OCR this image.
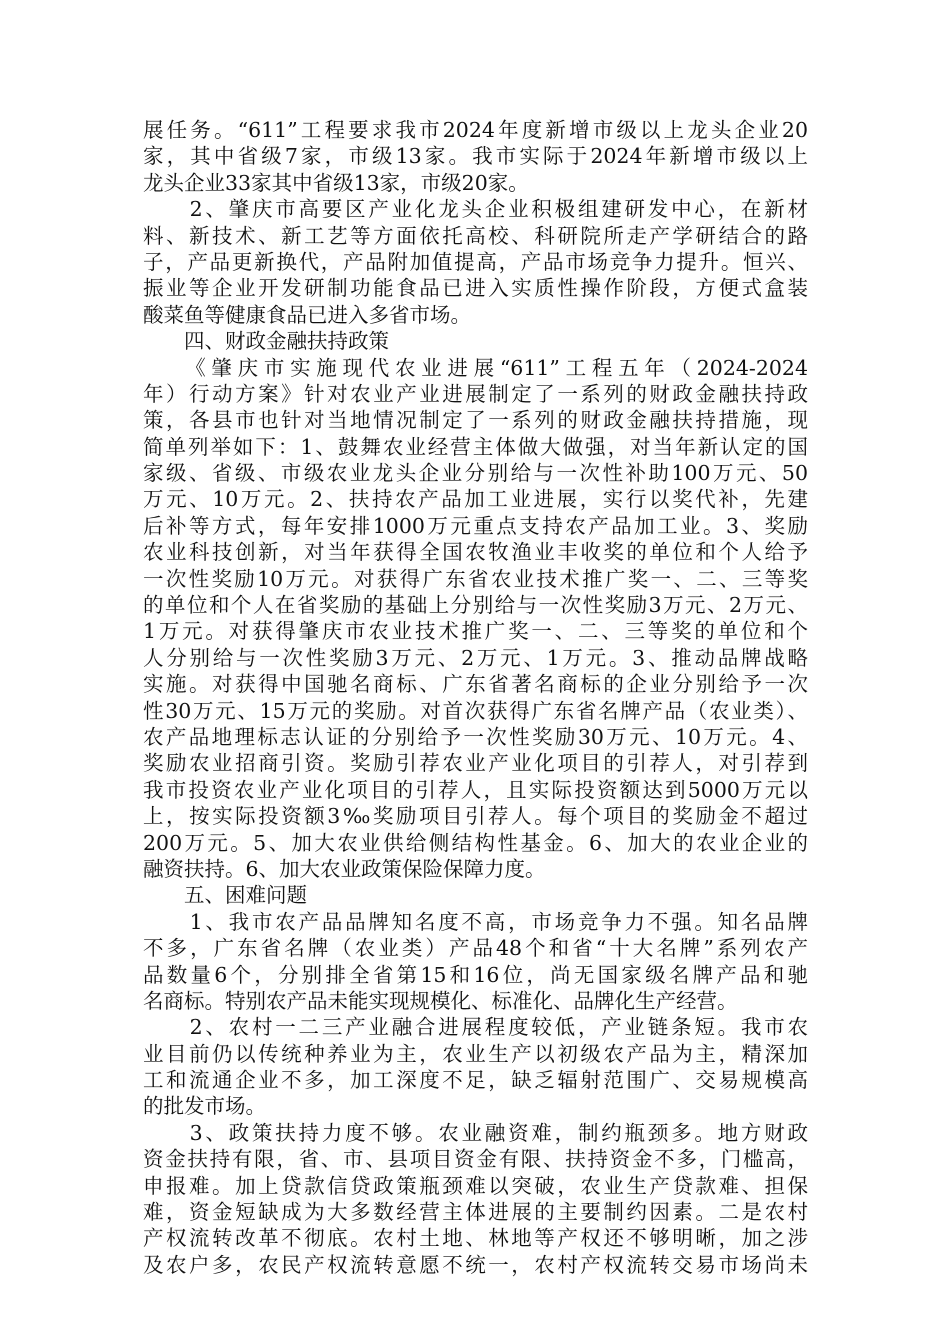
展任务。“611”工程要求我市2024年度新增市级以上龙头企业20
家，其中省级7家，市级13家。我市实际于2024年新增市级以上
龙头企业33家其中省级13家，市级20家。
　　2、肇庆市高要区产业化龙头企业积极组建研发中心，在新材
料、新技术、新工艺等方面依托高校、科研院所走产学研结合的路
子，产品更新换代，产品附加值提高，产品市场竞争力提升。恒兴、
振业等企业开发研制功能食品已进入实质性操作阶段，方便式盒装
酸菜鱼等健康食品已进入多省市场。
　　四、财政金融扶持政策
　　《肇庆市实施现代农业进展“611”工程五年（2024-2024
年）行动方案》针对农业产业进展制定了一系列的财政金融扶持政
策，各县市也针对当地情况制定了一系列的财政金融扶持措施，现
简单列举如下：1、鼓舞农业经营主体做大做强，对当年新认定的国
家级、省级、市级农业龙头企业分别给与一次性补助100万元、50
万元、10万元。2、扶持农产品加工业进展，实行以奖代补，先建
后补等方式，每年安排1000万元重点支持农产品加工业。3、奖励
农业科技创新，对当年获得全国农牧渔业丰收奖的单位和个人给予
一次性奖励10万元。对获得广东省农业技术推广奖一、二、三等奖
的单位和个人在省奖励的基础上分别给与一次性奖励3万元、2万元、
1万元。对获得肇庆市农业技术推广奖一、二、三等奖的单位和个
人分别给与一次性奖励3万元、2万元、1万元。3、推动品牌战略
实施。对获得中国驰名商标、广东省著名商标的企业分别给予一次
性30万元、15万元的奖励。对首次获得广东省名牌产品（农业类）、
农产品地理标志认证的分别给予一次性奖励30万元、10万元。4、
奖励农业招商引资。奖励引荐农业产业化项目的引荐人，对引荐到
我市投资农业产业化项目的引荐人，且实际投资额达到5000万元以
上，按实际投资额3‰奖励项目引荐人。每个项目的奖励金不超过
200万元。5、加大农业供给侧结构性基金。6、加大的农业企业的
融资扶持。6、加大农业政策保险保障力度。
　　五、困难问题
　　1、我市农产品品牌知名度不高，市场竞争力不强。知名品牌
不多，广东省名牌（农业类）产品48个和省“十大名牌”系列农产
品数量6个，分别排全省第15和16位，尚无国家级名牌产品和驰
名商标。特别农产品未能实现规模化、标准化、品牌化生产经营。
　　2、农村一二三产业融合进展程度较低，产业链条短。我市农
业目前仍以传统种养业为主，农业生产以初级农产品为主，精深加
工和流通企业不多，加工深度不足，缺乏辐射范围广、交易规模高
的批发市场。
　　3、政策扶持力度不够。农业融资难，制约瓶颈多。地方财政
资金扶持有限，省、市、县项目资金有限、扶持资金不多，门槛高，
申报难。加上贷款信贷政策瓶颈难以突破，农业生产贷款难、担保
难，资金短缺成为大多数经营主体进展的主要制约因素。二是农村
产权流转改革不彻底。农村土地、林地等产权还不够明晰，加之涉
及农户多，农民产权流转意愿不统一，农村产权流转交易市场尚未
